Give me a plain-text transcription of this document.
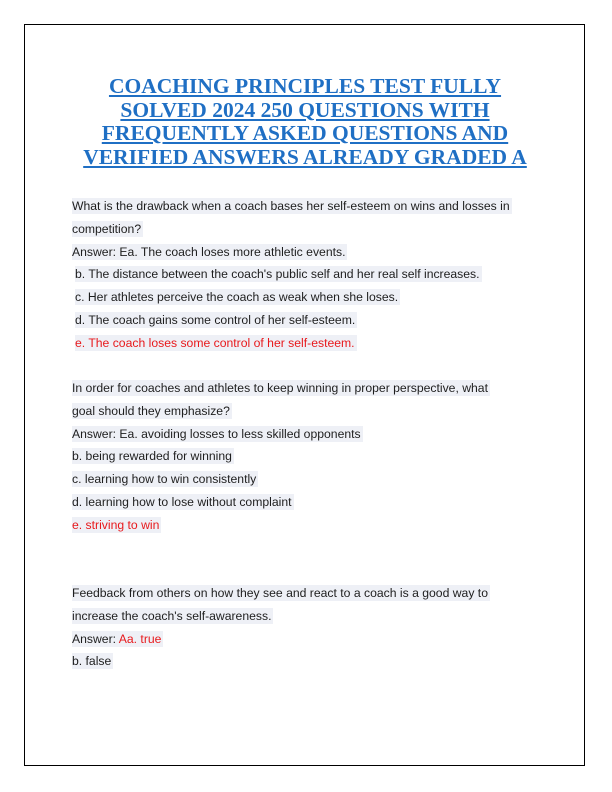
COACHING PRINCIPLES TEST FULLY
SOLVED 2024 250 QUESTIONS WITH
FREQUENTLY ASKED QUESTIONS AND
VERIFIED ANSWERS ALREADY GRADED A
What is the drawback when a coach bases her self-esteem on wins and losses in
competition?
Answer: Ea. The coach loses more athletic events.
b. The distance between the coach's public self and her real self increases.
c. Her athletes perceive the coach as weak when she loses.
d. The coach gains some control of her self-esteem.
e. The coach loses some control of her self-esteem.
In order for coaches and athletes to keep winning in proper perspective, what
goal should they emphasize?
Answer: Ea. avoiding losses to less skilled opponents
b. being rewarded for winning
c. learning how to win consistently
d. learning how to lose without complaint
e. striving to win
Feedback from others on how they see and react to a coach is a good way to
increase the coach's self-awareness.
Answer: Aa. true
b. false
